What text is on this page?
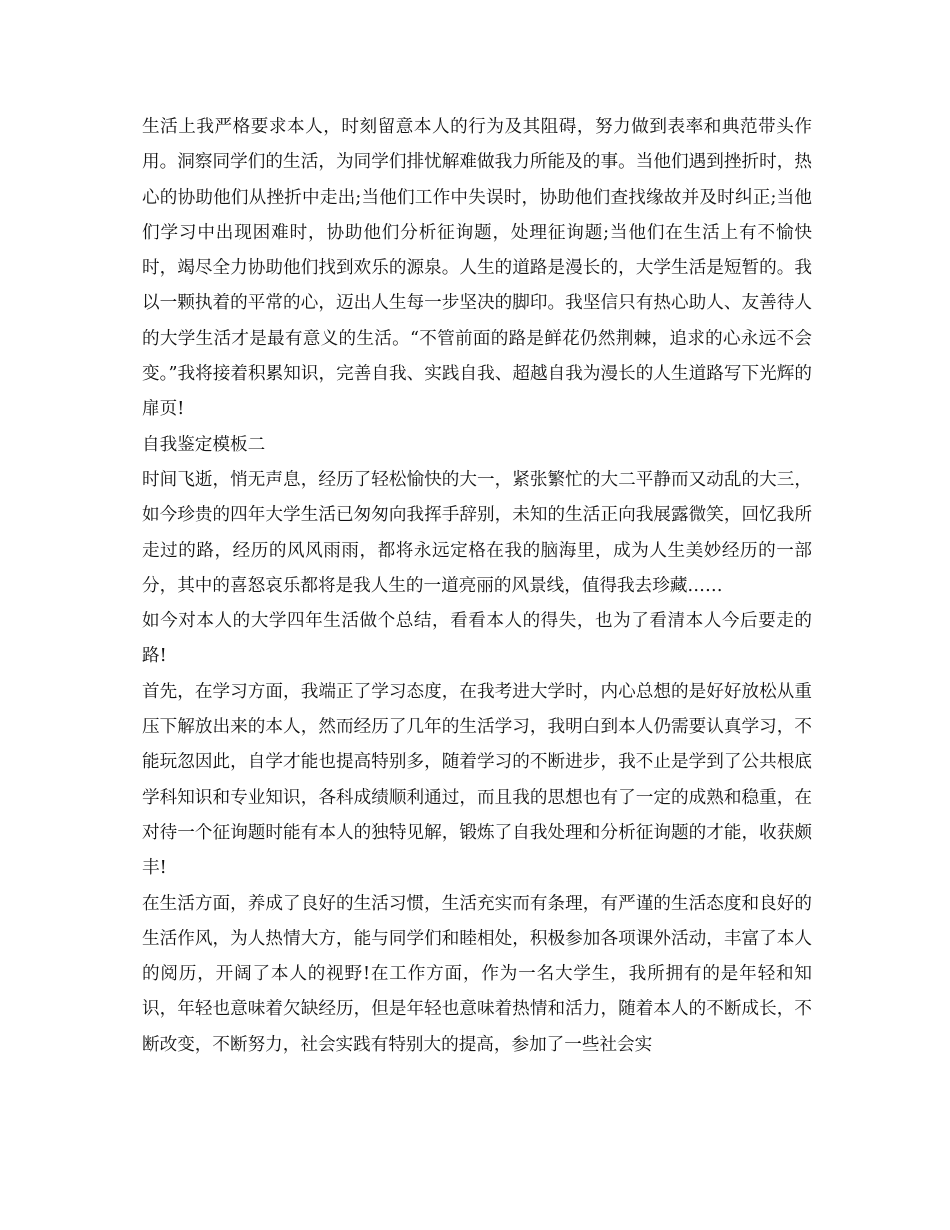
生活上我严格要求本人，时刻留意本人的行为及其阻碍，努力做到表率和典范带头作用。洞察同学们的生活，为同学们排忧解难做我力所能及的事。当他们遇到挫折时，热心的协助他们从挫折中走出;当他们工作中失误时，协助他们查找缘故并及时纠正;当他们学习中出现困难时，协助他们分析征询题，处理征询题;当他们在生活上有不愉快时，竭尽全力协助他们找到欢乐的源泉。人生的道路是漫长的，大学生活是短暂的。我以一颗执着的平常的心，迈出人生每一步坚决的脚印。我坚信只有热心助人、友善待人的大学生活才是最有意义的生活。“不管前面的路是鲜花仍然荆棘，追求的心永远不会变。”我将接着积累知识，完善自我、实践自我、超越自我为漫长的人生道路写下光辉的扉页!

自我鉴定模板二

时间飞逝，悄无声息，经历了轻松愉快的大一，紧张繁忙的大二平静而又动乱的大三，如今珍贵的四年大学生活已匆匆向我挥手辞别，未知的生活正向我展露微笑，回忆我所走过的路，经历的风风雨雨，都将永远定格在我的脑海里，成为人生美妙经历的一部分，其中的喜怒哀乐都将是我人生的一道亮丽的风景线，值得我去珍藏……

如今对本人的大学四年生活做个总结，看看本人的得失，也为了看清本人今后要走的路!

首先，在学习方面，我端正了学习态度，在我考进大学时，内心总想的是好好放松从重压下解放出来的本人，然而经历了几年的生活学习，我明白到本人仍需要认真学习，不能玩忽因此，自学才能也提高特别多，随着学习的不断进步，我不止是学到了公共根底学科知识和专业知识，各科成绩顺利通过，而且我的思想也有了一定的成熟和稳重，在对待一个征询题时能有本人的独特见解，锻炼了自我处理和分析征询题的才能，收获颇丰!

在生活方面，养成了良好的生活习惯，生活充实而有条理，有严谨的生活态度和良好的生活作风，为人热情大方，能与同学们和睦相处，积极参加各项课外活动，丰富了本人的阅历，开阔了本人的视野!在工作方面，作为一名大学生，我所拥有的是年轻和知识，年轻也意味着欠缺经历，但是年轻也意味着热情和活力，随着本人的不断成长，不断改变，不断努力，社会实践有特别大的提高，参加了一些社会实
